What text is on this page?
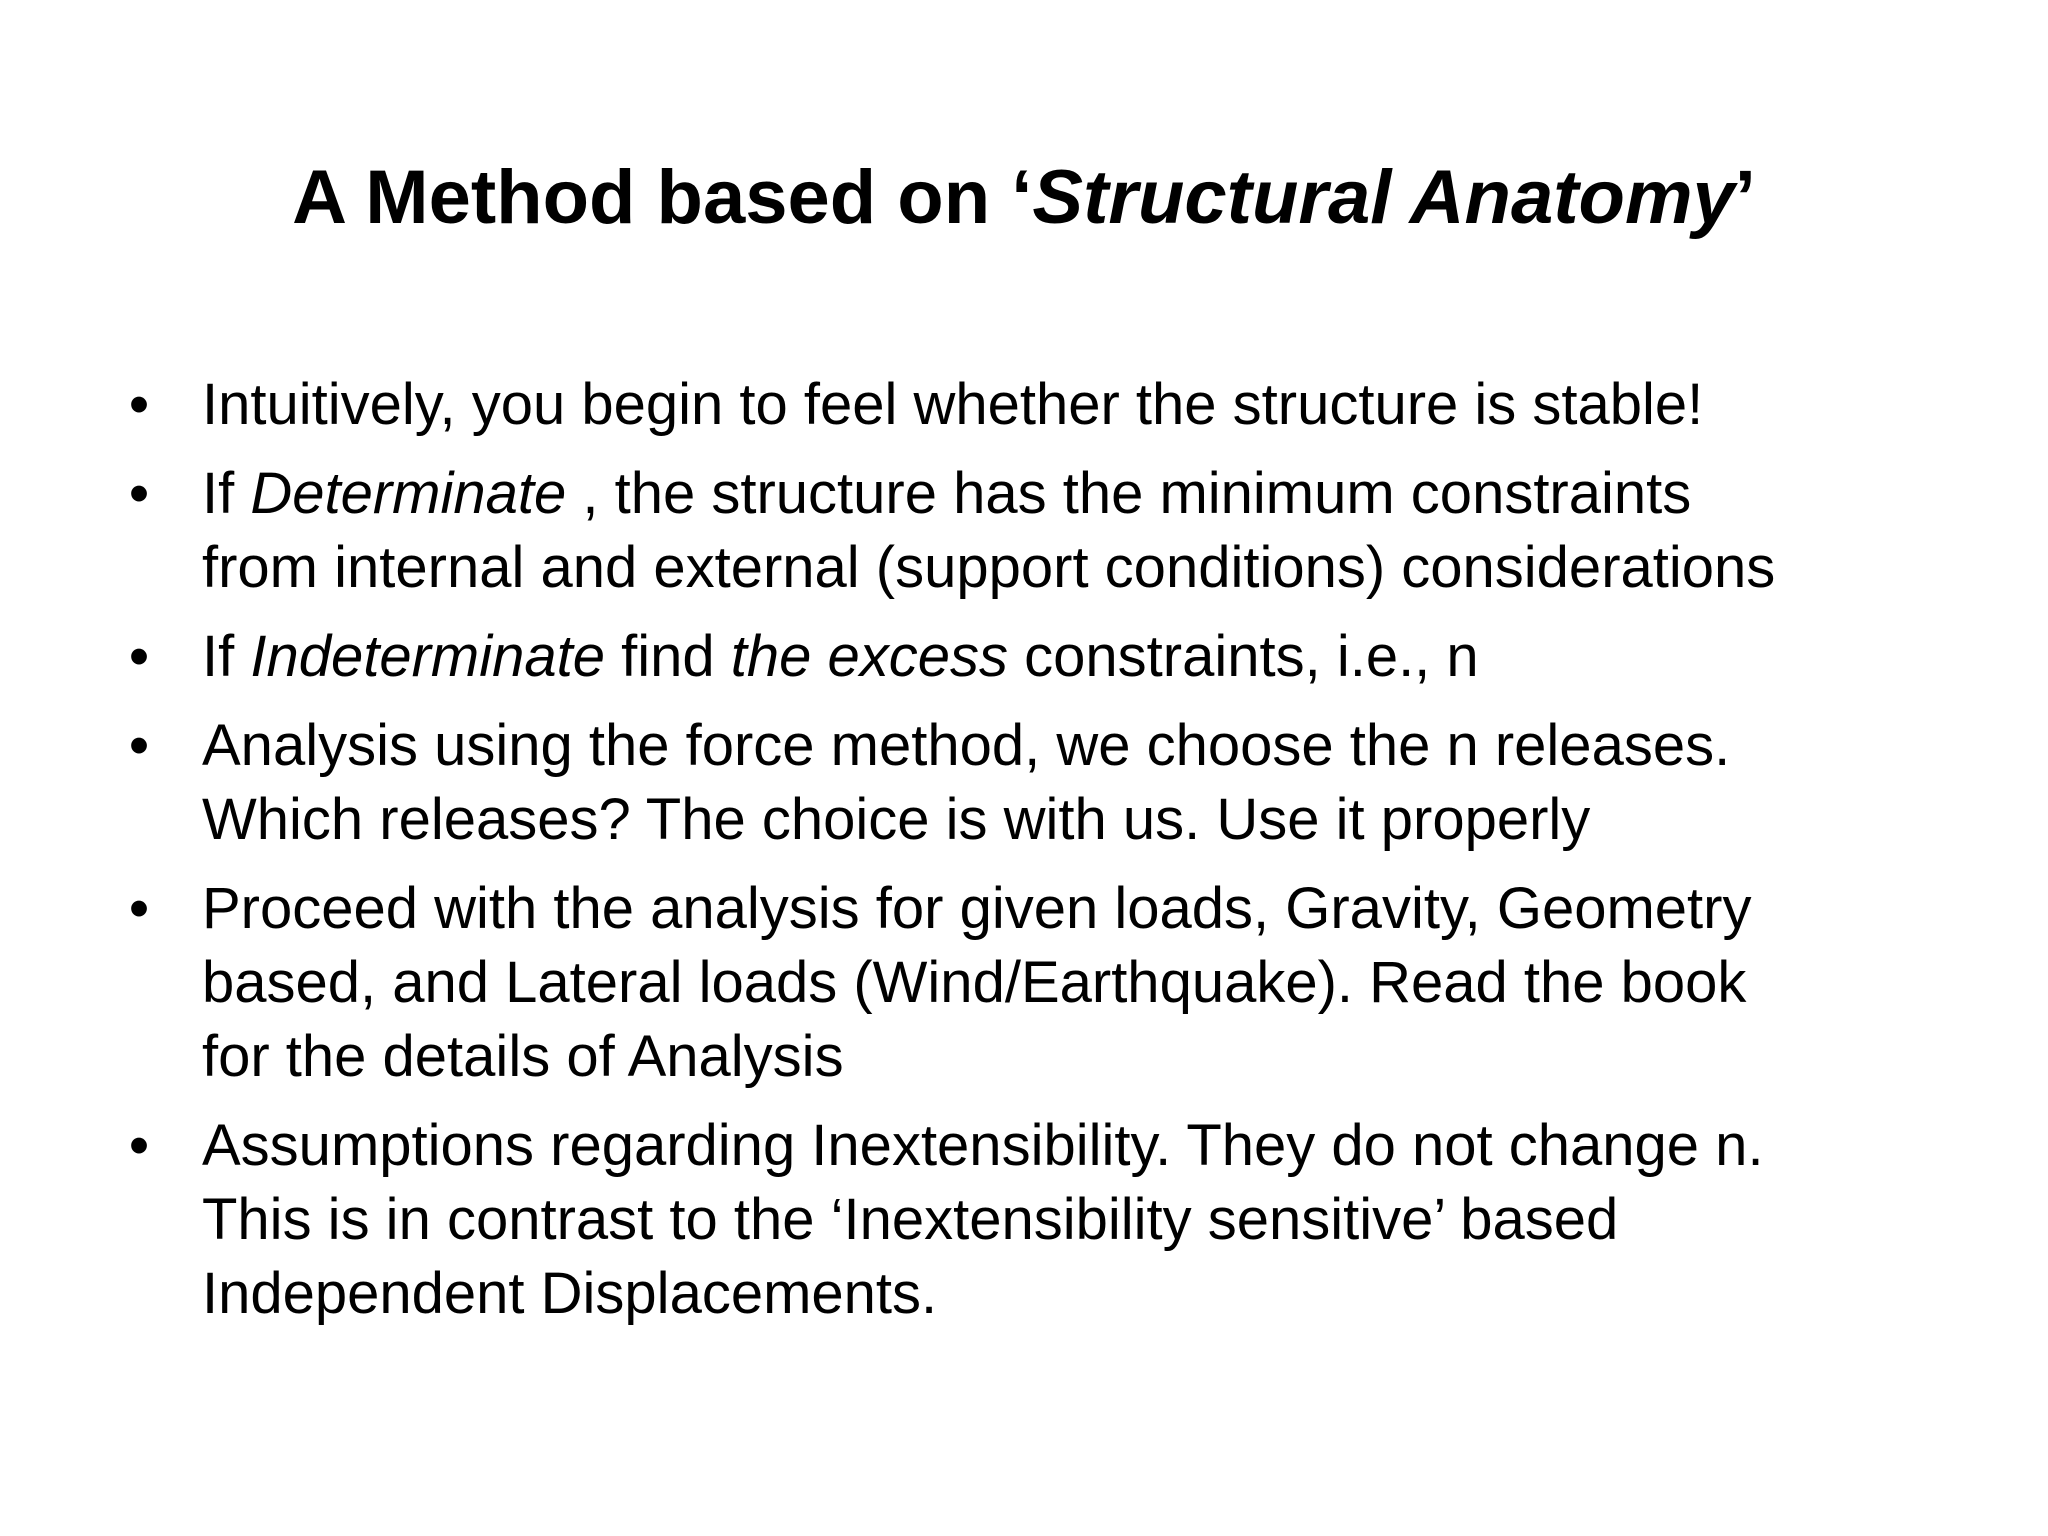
A Method based on ‘Structural Anatomy’
• Intuitively, you begin to feel whether the structure is stable!
• If Determinate , the structure has the minimum constraints
from internal and external (support conditions) considerations
• If Indeterminate find the excess constraints, i.e., n
• Analysis using the force method, we choose the n releases.
Which releases? The choice is with us. Use it properly
• Proceed with the analysis for given loads, Gravity, Geometry
based, and Lateral loads (Wind/Earthquake). Read the book
for the details of Analysis
• Assumptions regarding Inextensibility. They do not change n.
This is in contrast to the ‘Inextensibility sensitive’ based
Independent Displacements.
